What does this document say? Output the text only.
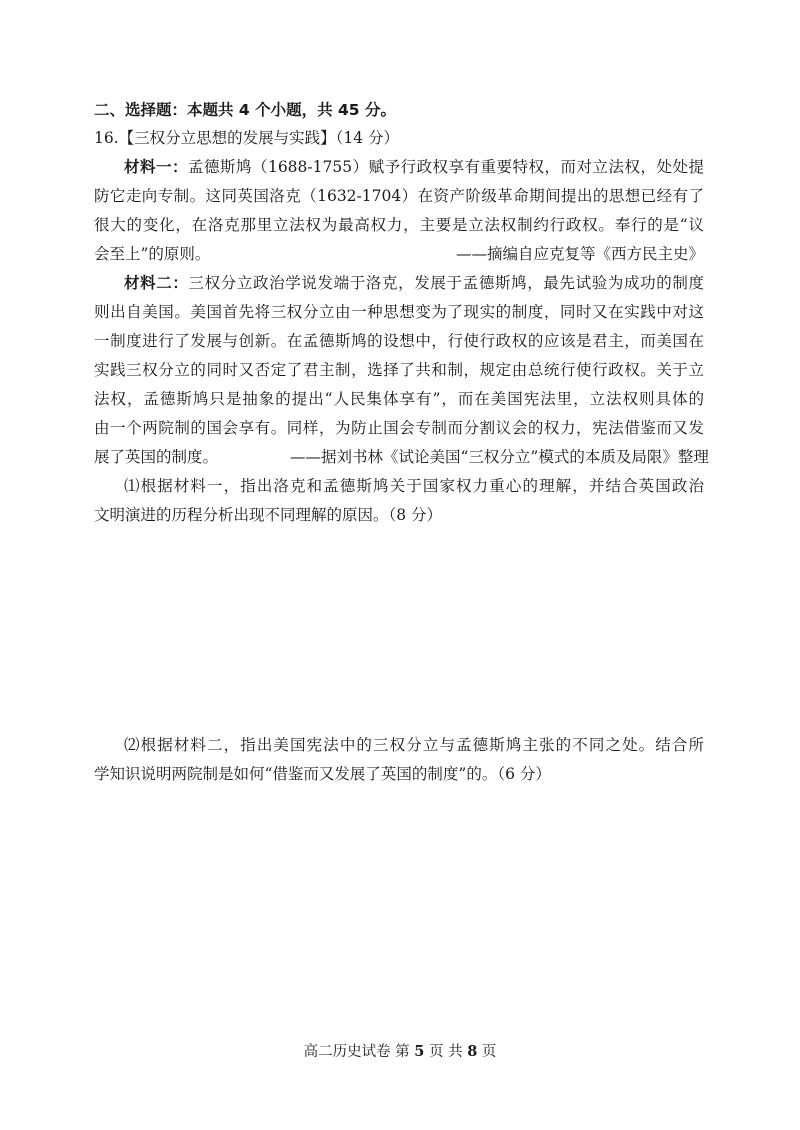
二、选择题：本题共 4 个小题，共 45 分。
16.【三权分立思想的发展与实践】（14 分）
材料一：孟德斯鸠（1688-1755）赋予行政权享有重要特权，而对立法权，处处提
防它走向专制。这同英国洛克（1632-1704）在资产阶级革命期间提出的思想已经有了
很大的变化，在洛克那里立法权为最高权力，主要是立法权制约行政权。奉行的是“议
会至上”的原则。	——摘编自应克复等《西方民主史》
材料二：三权分立政治学说发端于洛克，发展于孟德斯鸠，最先试验为成功的制度
则出自美国。美国首先将三权分立由一种思想变为了现实的制度，同时又在实践中对这
一制度进行了发展与创新。在孟德斯鸠的设想中，行使行政权的应该是君主，而美国在
实践三权分立的同时又否定了君主制，选择了共和制，规定由总统行使行政权。关于立
法权，孟德斯鸠只是抽象的提出“人民集体享有”，而在美国宪法里，立法权则具体的
由一个两院制的国会享有。同样，为防止国会专制而分割议会的权力，宪法借鉴而又发
展了英国的制度。	——据刘书林《试论美国“三权分立”模式的本质及局限》整理
⑴根据材料一，指出洛克和孟德斯鸠关于国家权力重心的理解，并结合英国政治
文明演进的历程分析出现不同理解的原因。（8 分）
⑵根据材料二，指出美国宪法中的三权分立与孟德斯鸠主张的不同之处。结合所
学知识说明两院制是如何“借鉴而又发展了英国的制度”的。（6 分）
高二历史试卷 第 5 页 共 8 页
